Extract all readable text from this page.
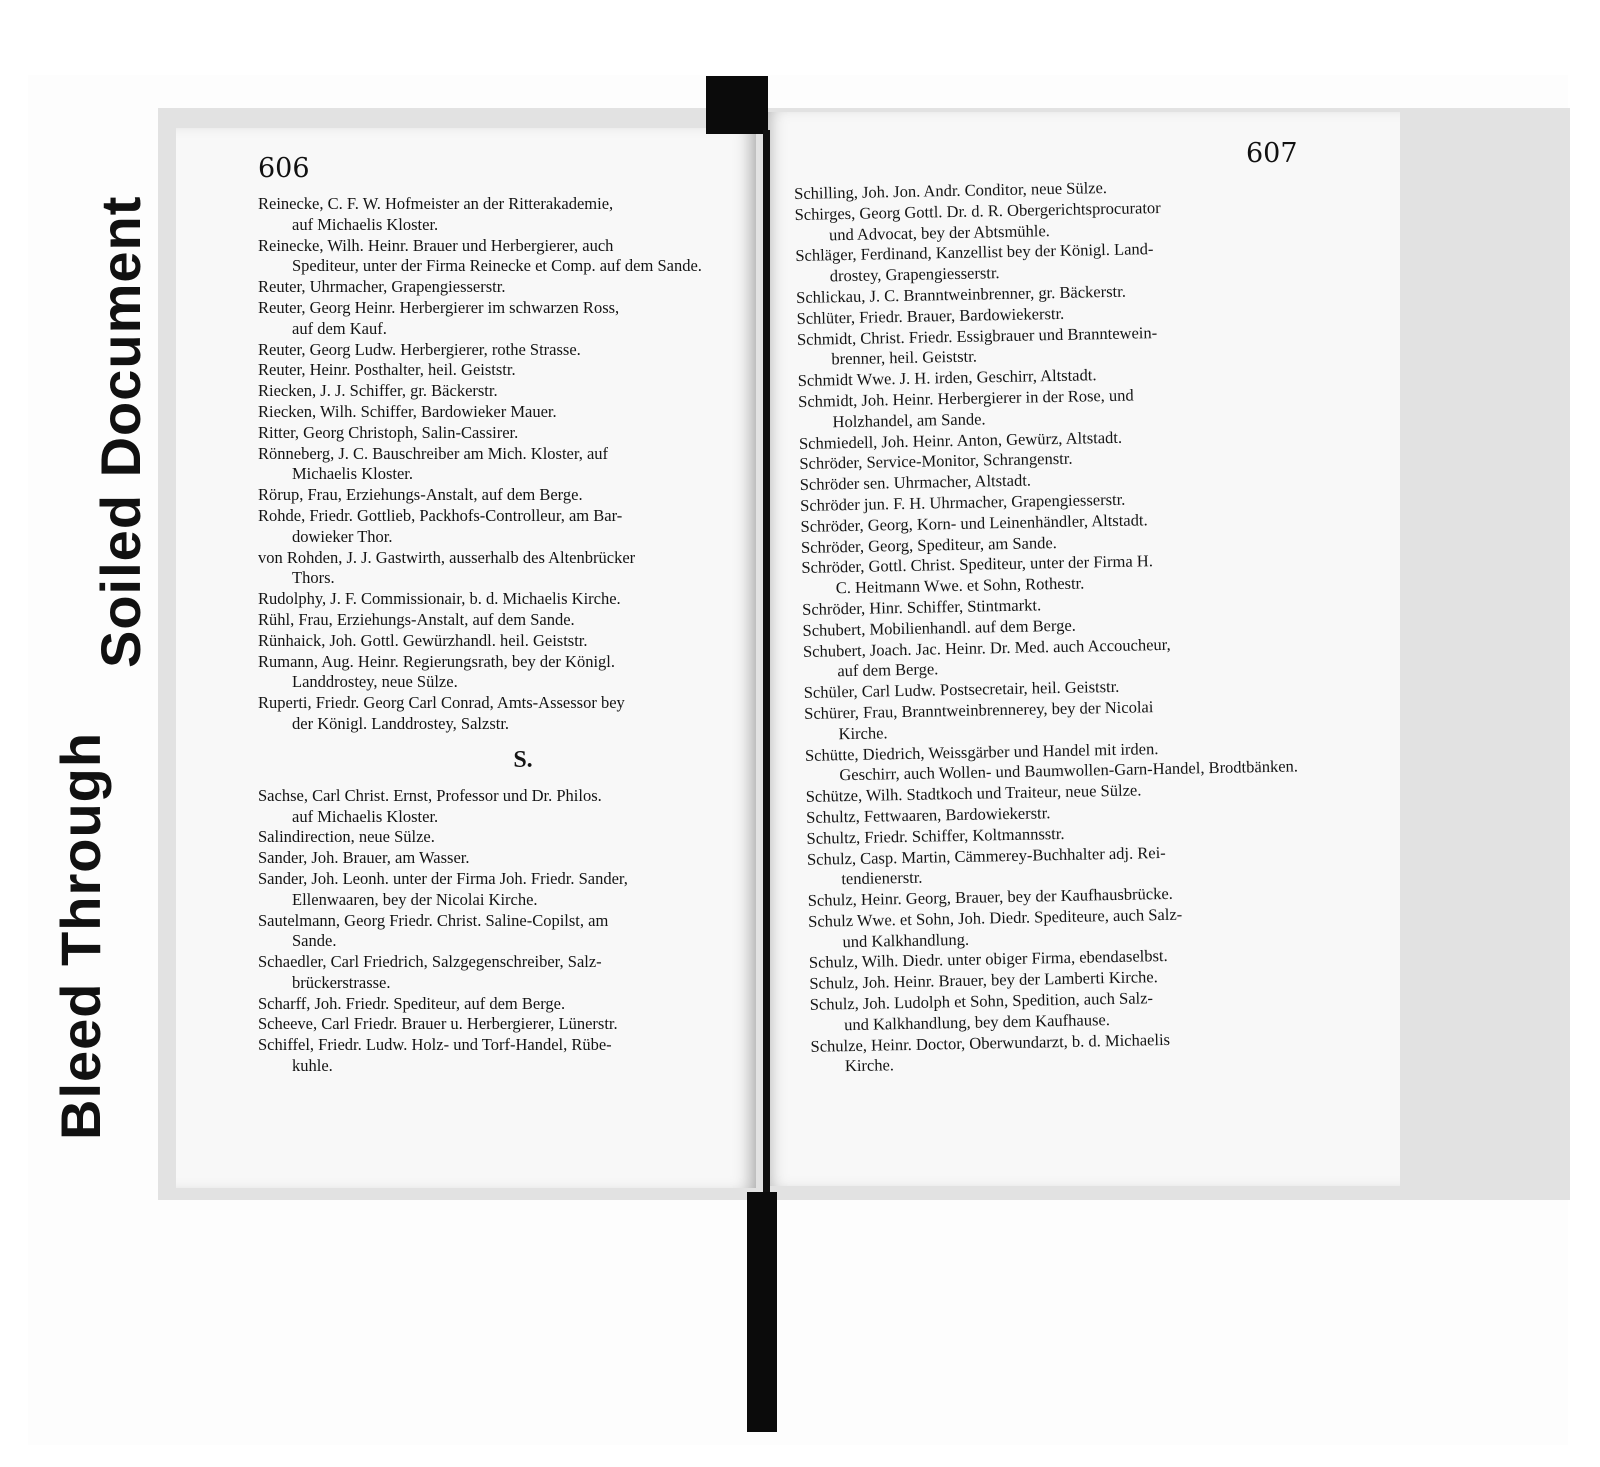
Bleed Through
Soiled Document
606	607
Reinecke, C. F. W. Hofmeister an der Ritterakademie,
auf Michaelis Kloster.
Reinecke, Wilh. Heinr. Brauer und Herbergierer, auch
Spediteur, unter der Firma Reinecke et Comp. auf dem Sande.
Reuter, Uhrmacher, Grapengiesserstr.
Reuter, Georg Heinr. Herbergierer im schwarzen Ross,
auf dem Kauf.
Reuter, Georg Ludw. Herbergierer, rothe Strasse.
Reuter, Heinr. Posthalter, heil. Geiststr.
Riecken, J. J. Schiffer, gr. Bäckerstr.
Riecken, Wilh. Schiffer, Bardowieker Mauer.
Ritter, Georg Christoph, Salin-Cassirer.
Rönneberg, J. C. Bauschreiber am Mich. Kloster, auf
Michaelis Kloster.
Rörup, Frau, Erziehungs-Anstalt, auf dem Berge.
Rohde, Friedr. Gottlieb, Packhofs-Controlleur, am Bar-
dowieker Thor.
von Rohden, J. J. Gastwirth, ausserhalb des Altenbrücker
Thors.
Rudolphy, J. F. Commissionair, b. d. Michaelis Kirche.
Rühl, Frau, Erziehungs-Anstalt, auf dem Sande.
Rünhaick, Joh. Gottl. Gewürzhandl. heil. Geiststr.
Rumann, Aug. Heinr. Regierungsrath, bey der Königl.
Landdrostey, neue Sülze.
Ruperti, Friedr. Georg Carl Conrad, Amts-Assessor bey
der Königl. Landdrostey, Salzstr.
S.
Sachse, Carl Christ. Ernst, Professor und Dr. Philos.
auf Michaelis Kloster.
Salindirection, neue Sülze.
Sander, Joh. Brauer, am Wasser.
Sander, Joh. Leonh. unter der Firma Joh. Friedr. Sander,
Ellenwaaren, bey der Nicolai Kirche.
Sautelmann, Georg Friedr. Christ. Saline-Copilst, am
Sande.
Schaedler, Carl Friedrich, Salzgegenschreiber, Salz-
brückerstrasse.
Scharff, Joh. Friedr. Spediteur, auf dem Berge.
Scheeve, Carl Friedr. Brauer u. Herbergierer, Lünerstr.
Schiffel, Friedr. Ludw. Holz- und Torf-Handel, Rübe-
kuhle.
Schilling, Joh. Jon. Andr. Conditor, neue Sülze.
Schirges, Georg Gottl. Dr. d. R. Obergerichtsprocurator
und Advocat, bey der Abtsmühle.
Schläger, Ferdinand, Kanzellist bey der Königl. Land-
drostey, Grapengiesserstr.
Schlickau, J. C. Branntweinbrenner, gr. Bäckerstr.
Schlüter, Friedr. Brauer, Bardowiekerstr.
Schmidt, Christ. Friedr. Essigbrauer und Branntewein-
brenner, heil. Geiststr.
Schmidt Wwe. J. H. irden, Geschirr, Altstadt.
Schmidt, Joh. Heinr. Herbergierer in der Rose, und
Holzhandel, am Sande.
Schmiedell, Joh. Heinr. Anton, Gewürz, Altstadt.
Schröder, Service-Monitor, Schrangenstr.
Schröder sen. Uhrmacher, Altstadt.
Schröder jun. F. H. Uhrmacher, Grapengiesserstr.
Schröder, Georg, Korn- und Leinenhändler, Altstadt.
Schröder, Georg, Spediteur, am Sande.
Schröder, Gottl. Christ. Spediteur, unter der Firma H.
C. Heitmann Wwe. et Sohn, Rothestr.
Schröder, Hinr. Schiffer, Stintmarkt.
Schubert, Mobilienhandl. auf dem Berge.
Schubert, Joach. Jac. Heinr. Dr. Med. auch Accoucheur,
auf dem Berge.
Schüler, Carl Ludw. Postsecretair, heil. Geiststr.
Schürer, Frau, Branntweinbrennerey, bey der Nicolai
Kirche.
Schütte, Diedrich, Weissgärber und Handel mit irden.
Geschirr, auch Wollen- und Baumwollen-Garn-Handel, Brodtbänken.
Schütze, Wilh. Stadtkoch und Traiteur, neue Sülze.
Schultz, Fettwaaren, Bardowiekerstr.
Schultz, Friedr. Schiffer, Koltmannsstr.
Schulz, Casp. Martin, Cämmerey-Buchhalter adj. Rei-
tendienerstr.
Schulz, Heinr. Georg, Brauer, bey der Kaufhausbrücke.
Schulz Wwe. et Sohn, Joh. Diedr. Spediteure, auch Salz-
und Kalkhandlung.
Schulz, Wilh. Diedr. unter obiger Firma, ebendaselbst.
Schulz, Joh. Heinr. Brauer, bey der Lamberti Kirche.
Schulz, Joh. Ludolph et Sohn, Spedition, auch Salz-
und Kalkhandlung, bey dem Kaufhause.
Schulze, Heinr. Doctor, Oberwundarzt, b. d. Michaelis
Kirche.
